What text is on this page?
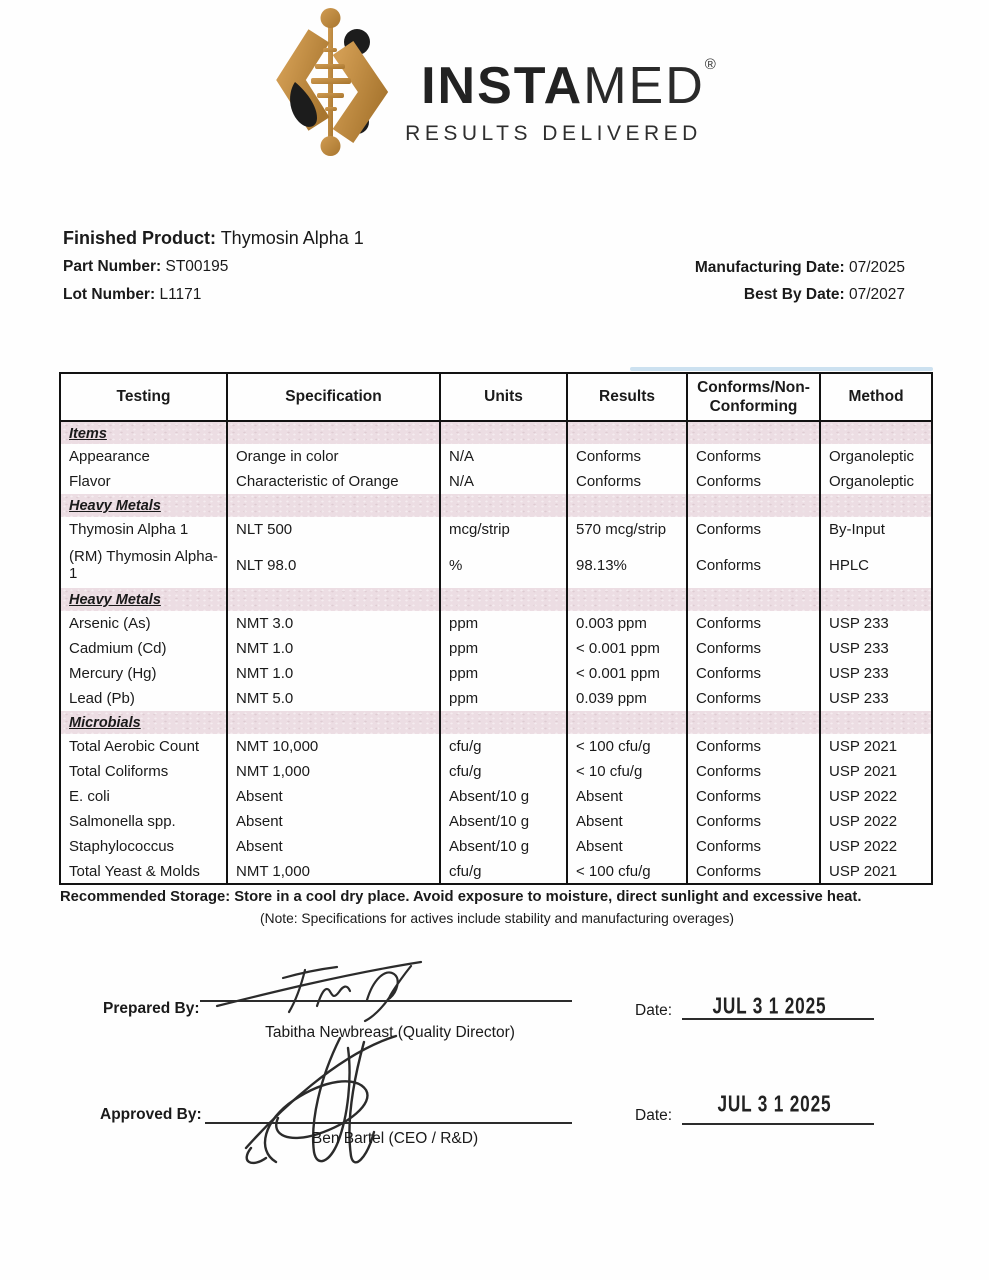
INSTAMED®
RESULTS DELIVERED
Finished Product: Thymosin Alpha 1
Part Number: ST00195
Lot Number: L1171
Manufacturing Date: 07/2025
Best By Date: 07/2027
Testing	Specification	Units	Results	Conforms/Non-Conforming	Method
Items					
Appearance	Orange in color	N/A	Conforms	Conforms	Organoleptic
Flavor	Characteristic of Orange	N/A	Conforms	Conforms	Organoleptic
Heavy Metals					
Thymosin Alpha 1	NLT 500	mcg/strip	570 mcg/strip	Conforms	By-Input
(RM) Thymosin Alpha-1	NLT 98.0	%	98.13%	Conforms	HPLC
Heavy Metals					
Arsenic (As)	NMT 3.0	ppm	0.003 ppm	Conforms	USP 233
Cadmium (Cd)	NMT 1.0	ppm	< 0.001 ppm	Conforms	USP 233
Mercury (Hg)	NMT 1.0	ppm	< 0.001 ppm	Conforms	USP 233
Lead (Pb)	NMT 5.0	ppm	0.039 ppm	Conforms	USP 233
Microbials					
Total Aerobic Count	NMT 10,000	cfu/g	< 100 cfu/g	Conforms	USP 2021
Total Coliforms	NMT 1,000	cfu/g	< 10 cfu/g	Conforms	USP 2021
E. coli	Absent	Absent/10 g	Absent	Conforms	USP 2022
Salmonella spp.	Absent	Absent/10 g	Absent	Conforms	USP 2022
Staphylococcus	Absent	Absent/10 g	Absent	Conforms	USP 2022
Total Yeast & Molds	NMT 1,000	cfu/g	< 100 cfu/g	Conforms	USP 2021
Recommended Storage: Store in a cool dry place. Avoid exposure to moisture, direct sunlight and excessive heat.
(Note: Specifications for actives include stability and manufacturing overages)
Prepared By:
Tabitha Newbreast (Quality Director)
Date: JUL 3 1 2025
Approved By:
Ben Bartel (CEO / R&D)
Date: JUL 3 1 2025
